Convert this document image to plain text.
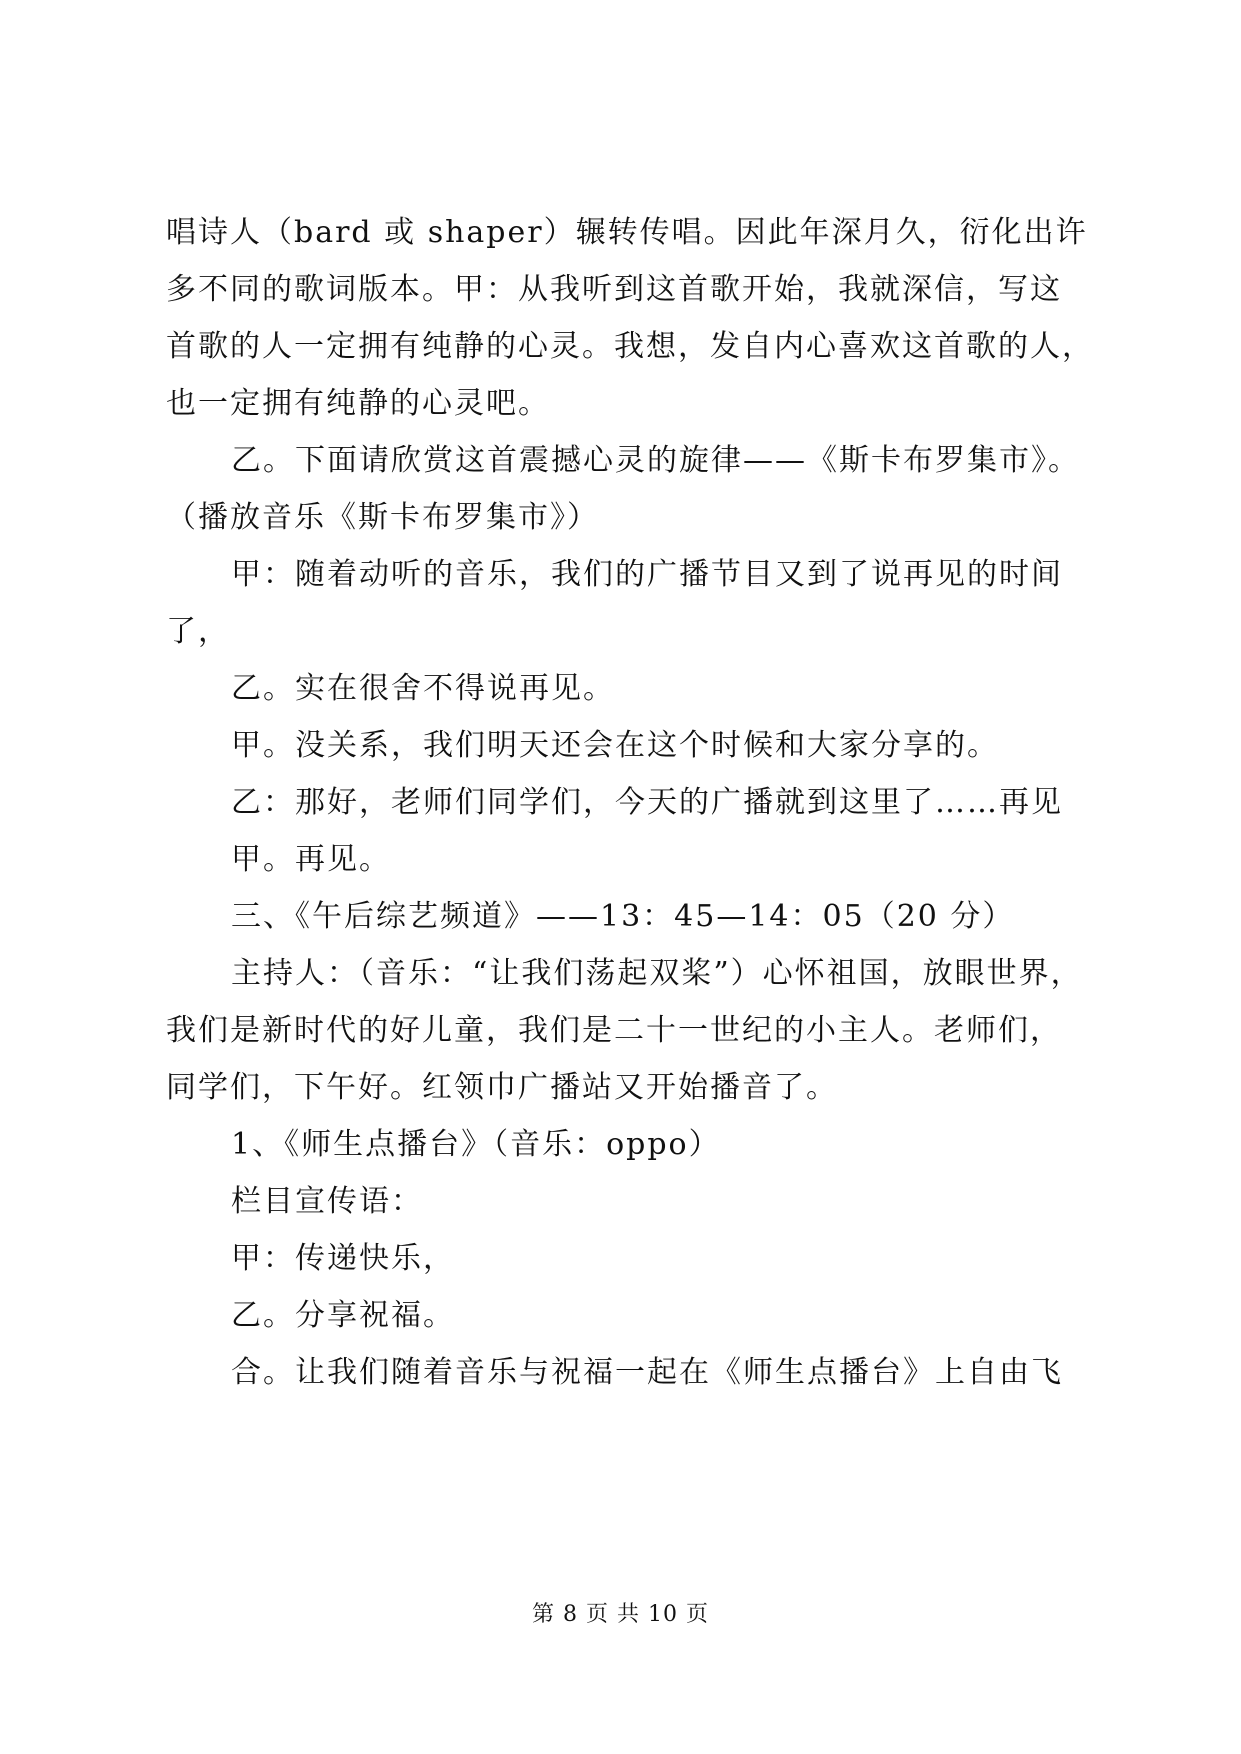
唱诗人（bard 或 shaper）辗转传唱。因此年深月久，衍化出许
多不同的歌词版本。甲：从我听到这首歌开始，我就深信，写这
首歌的人一定拥有纯静的心灵。我想，发自内心喜欢这首歌的人，
也一定拥有纯静的心灵吧。
乙。下面请欣赏这首震撼心灵的旋律——《斯卡布罗集市》。
（播放音乐《斯卡布罗集市》）
甲：随着动听的音乐，我们的广播节目又到了说再见的时间
了，
乙。实在很舍不得说再见。
甲。没关系，我们明天还会在这个时候和大家分享的。
乙：那好，老师们同学们，今天的广播就到这里了……再见
甲。再见。
三、《午后综艺频道》——13：45—14：05（20 分）
主持人：（音乐：“让我们荡起双桨”）心怀祖国，放眼世界，
我们是新时代的好儿童，我们是二十一世纪的小主人。老师们，
同学们，下午好。红领巾广播站又开始播音了。
1、《师生点播台》（音乐：oppo）
栏目宣传语：
甲：传递快乐，
乙。分享祝福。
合。让我们随着音乐与祝福一起在《师生点播台》上自由飞
第 8 页 共 10 页
